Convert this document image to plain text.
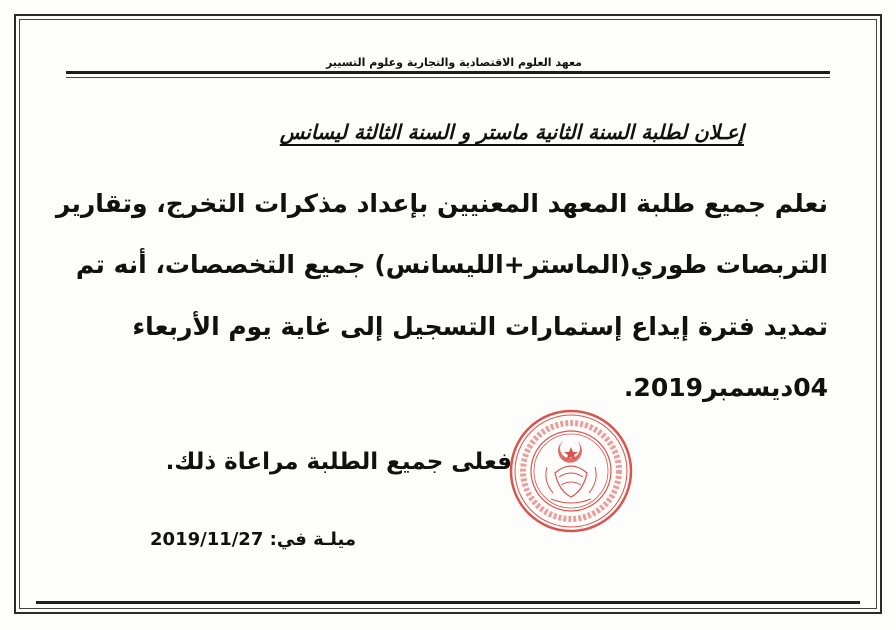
معهد العلوم الاقتصادية والتجارية وعلوم التسيير
إعـلان لطلبة السنة الثانية ماستر و السنة الثالثة ليسانس
نعلم جميع طلبة المعهد المعنيين بإعداد مذكرات التخرج، وتقارير
التربصات طوري(الماستر+الليسانس) جميع التخصصات، أنه تم
تمديد فترة إيداع إستمارات التسجيل إلى غاية يوم الأربعاء
04ديسمبر2019.
فعلى جميع الطلبة مراعاة ذلك.
ميلـة في: 2019/11/27
